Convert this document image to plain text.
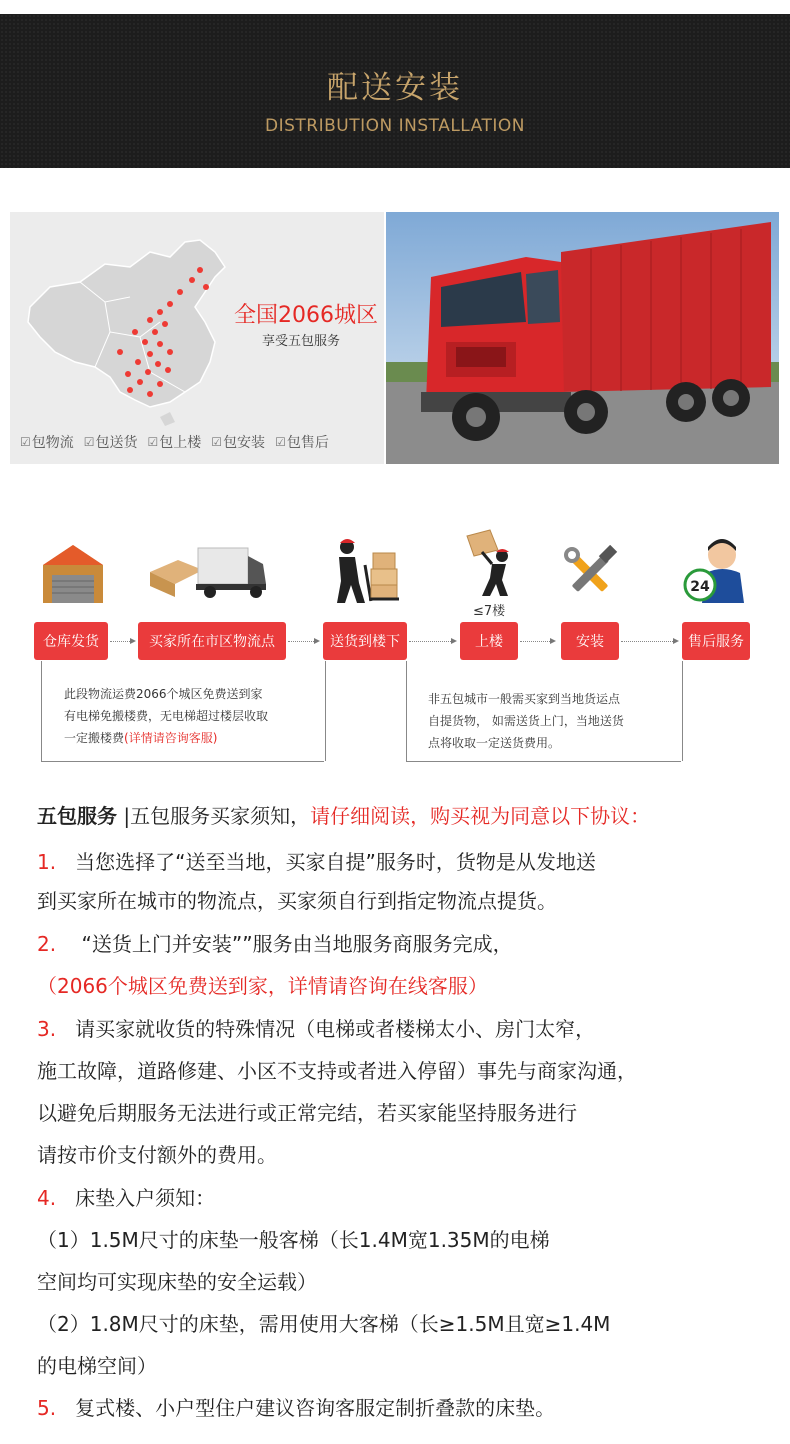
配送安装
DISTRIBUTION INSTALLATION
全国2066城区
享受五包服务
☑ 包物流 ☑ 包送货 ☑ 包上楼 ☑ 包安装 ☑ 包售后
24
≤7楼
仓库发货	买家所在市区物流点	送货到楼下	上楼	安装	售后服务
此段物流运费2066个城区免费送到家
有电梯免搬楼费，无电梯超过楼层收取
一定搬楼费(详情请咨询客服)
非五包城市一般需买家到当地货运点
自提货物， 如需送货上门，当地送货
点将收取一定送货费用。
五包服务 |五包服务买家须知，请仔细阅读，购买视为同意以下协议：
1. 当您选择了“送至当地，买家自提”服务时，货物是从发地送
到买家所在城市的物流点，买家须自行到指定物流点提货。
2. “送货上门并安装””服务由当地服务商服务完成，
（2066个城区免费送到家，详情请咨询在线客服）
3. 请买家就收货的特殊情况（电梯或者楼梯太小、房门太窄，
施工故障，道路修建、小区不支持或者进入停留）事先与商家沟通，
以避免后期服务无法进行或正常完结，若买家能坚持服务进行
请按市价支付额外的费用。
4. 床垫入户须知：
（1）1.5M尺寸的床垫一般客梯（长1.4M宽1.35M的电梯
空间均可实现床垫的安全运载）
（2）1.8M尺寸的床垫，需用使用大客梯（长≥1.5M且宽≥1.4M
的电梯空间）
5. 复式楼、小户型住户建议咨询客服定制折叠款的床垫。
